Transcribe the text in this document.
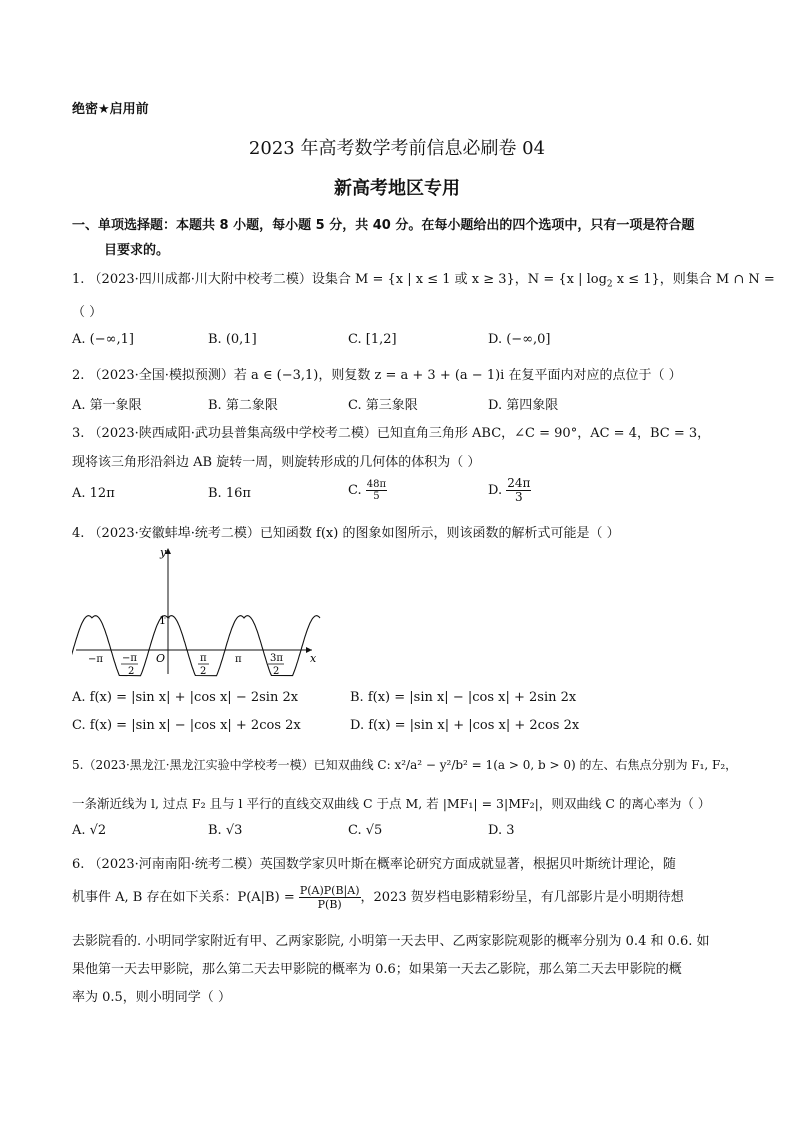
绝密★启用前
2023 年高考数学考前信息必刷卷 04
新高考地区专用
一、单项选择题：本题共 8 小题，每小题 5 分，共 40 分。在每小题给出的四个选项中，只有一项是符合题
目要求的。
1. （2023·四川成都·川大附中校考二模）设集合 M = {x | x ≤ 1 或 x ≥ 3}，N = {x | $\log_2 x \le 1$}，则集合 M ∩ N =
（ ）
A. (−∞,1]	B. (0,1]	C. [1,2]	D. (−∞,0]
2. （2023·全国·模拟预测）若 a ∈ (−3,1)，则复数 z = a + 3 + (a − 1)i 在复平面内对应的点位于（ ）
A. 第一象限	B. 第二象限	C. 第三象限	D. 第四象限
3. （2023·陕西咸阳·武功县普集高级中学校考二模）已知直角三角形 ABC，∠C = 90°，AC = 4，BC = 3，
现将该三角形沿斜边 AB 旋转一周，则旋转形成的几何体的体积为（ ）
A. 12π	B. 16π	C. $\frac{48\pi}{5}$	D. $\frac{24\pi}{3}$
4. （2023·安徽蚌埠·统考二模）已知函数 f(x) 的图象如图所示，则该函数的解析式可能是（ ）
y
x
1
O
−π −π
2
π
2
π	3π
2
A. f(x) = |sin x| + |cos x| − 2sin 2x	B. f(x) = |sin x| − |cos x| + 2sin 2x
C. f(x) = |sin x| − |cos x| + 2cos 2x	D. f(x) = |sin x| + |cos x| + 2cos 2x
5.（2023·黑龙江·黑龙江实验中学校考一模）已知双曲线 C: x²/a² − y²/b² = 1(a > 0, b > 0) 的左、右焦点分别为 F₁, F₂，
一条渐近线为 l, 过点 F₂ 且与 l 平行的直线交双曲线 C 于点 M, 若 |MF₁| = 3|MF₂|，则双曲线 C 的离心率为（ ）
A. √2	B. √3	C. √5	D. 3
6. （2023·河南南阳·统考二模）英国数学家贝叶斯在概率论研究方面成就显著，根据贝叶斯统计理论，随
机事件 A, B 存在如下关系：$P(A|B) = \frac{P(A)P(B|A)}{P(B)}$ ，2023 贺岁档电影精彩纷呈，有几部影片是小明期待想
去影院看的. 小明同学家附近有甲、乙两家影院, 小明第一天去甲、乙两家影院观影的概率分别为 0.4 和 0.6. 如
果他第一天去甲影院，那么第二天去甲影院的概率为 0.6；如果第一天去乙影院，那么第二天去甲影院的概
率为 0.5，则小明同学（ ）
